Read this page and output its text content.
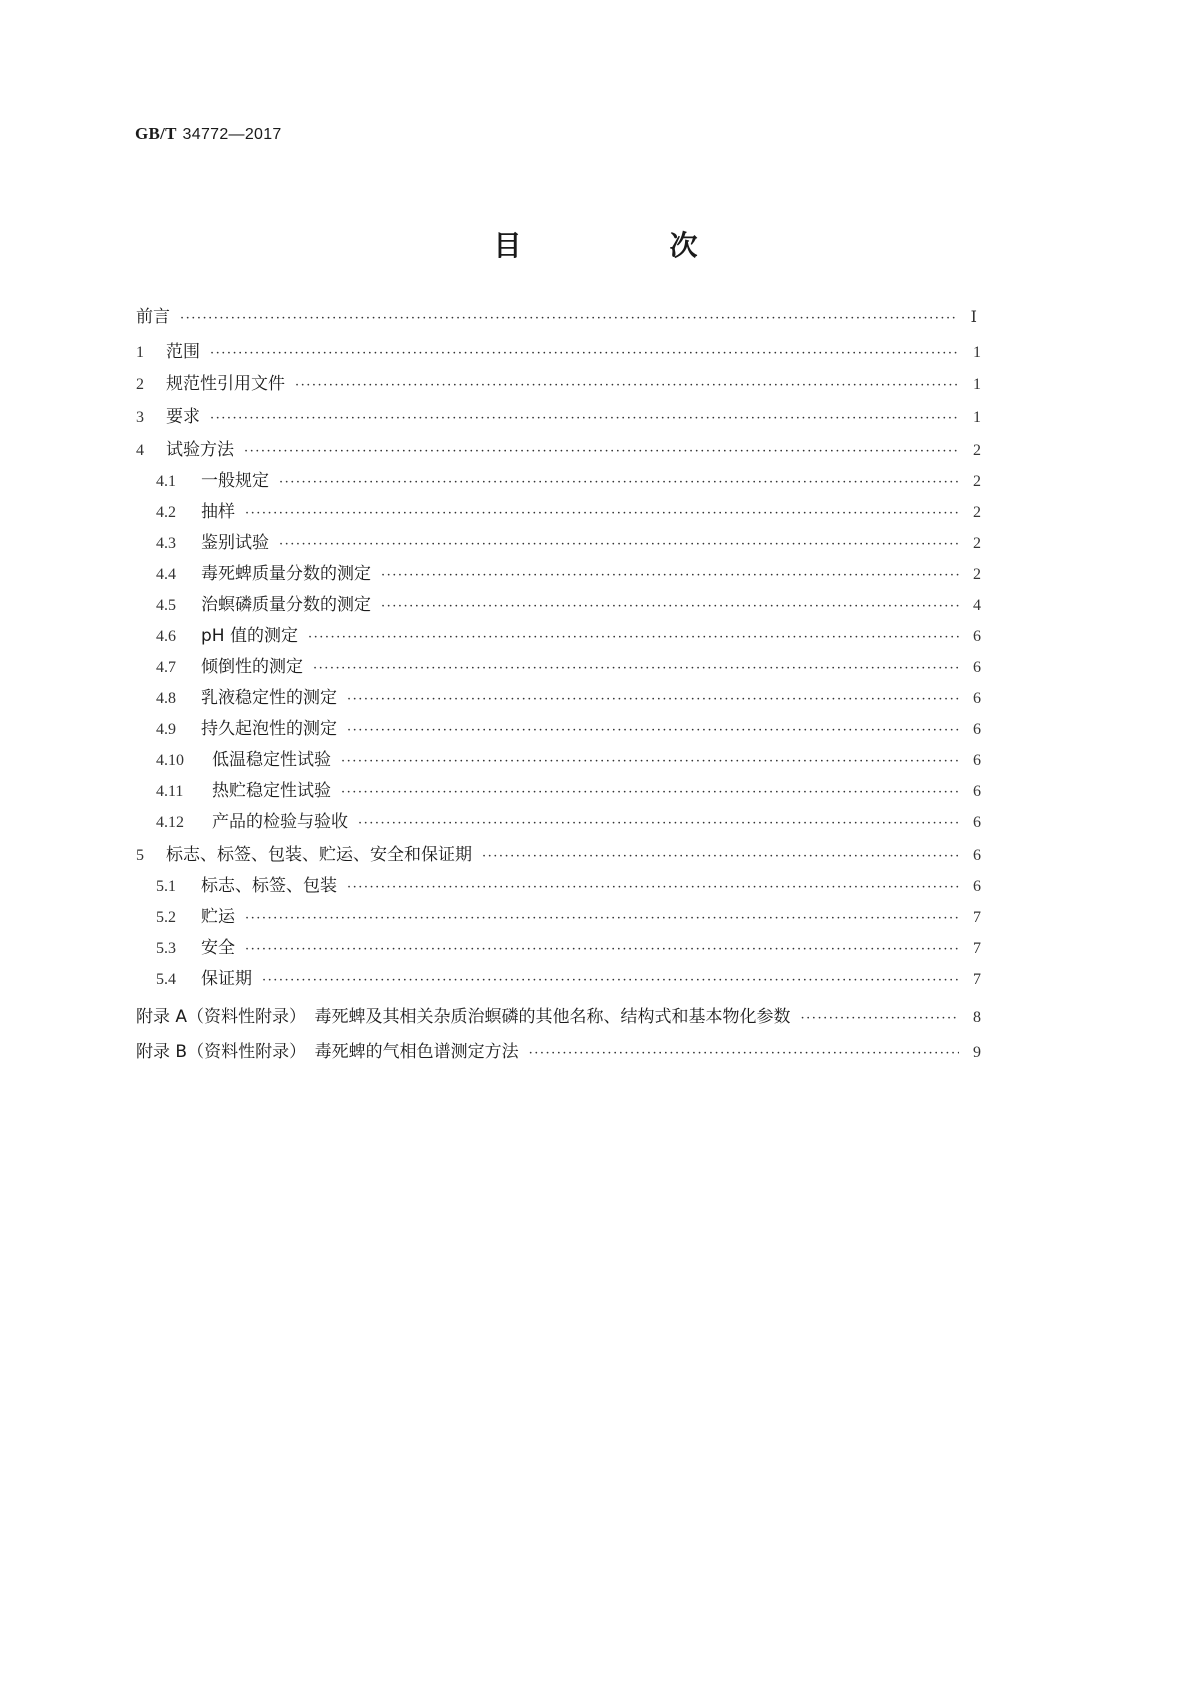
GB/T 34772—2017
目　次
前言 ·····	Ⅰ
1	范围 ·····	1
2	规范性引用文件 ·····	1
3	要求 ·····	1
4	试验方法 ·····	2
4.1	一般规定 ·····	2
4.2	抽样 ·····	2
4.3	鉴别试验 ·····	2
4.4	毒死蜱质量分数的测定 ·····	2
4.5	治螟磷质量分数的测定 ·····	4
4.6	pH 值的测定 ·····	6
4.7	倾倒性的测定 ·····	6
4.8	乳液稳定性的测定 ·····	6
4.9	持久起泡性的测定 ·····	6
4.10	低温稳定性试验 ·····	6
4.11	热贮稳定性试验 ·····	6
4.12	产品的检验与验收 ·····	6
5	标志、标签、包装、贮运、安全和保证期 ·····	6
5.1	标志、标签、包装 ·····	6
5.2	贮运 ·····	7
5.3	安全 ·····	7
5.4	保证期 ·····	7
附录 A（资料性附录）　毒死蜱及其相关杂质治螟磷的其他名称、结构式和基本物化参数 ·····	8
附录 B（资料性附录）　毒死蜱的气相色谱测定方法 ·····	9
